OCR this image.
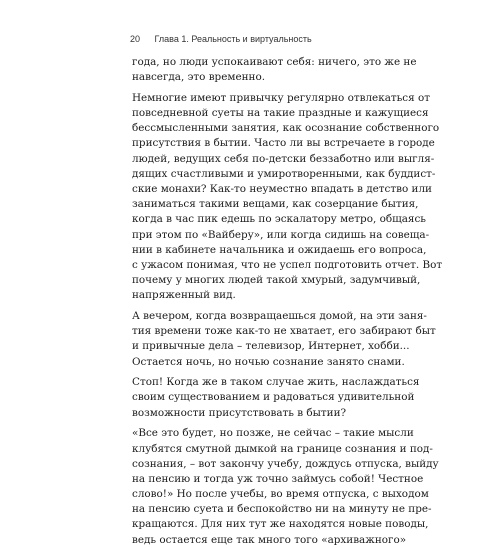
20 Глава 1. Реальность и виртуальность
года, но люди успокаивают себя: ничего, это же не
навсегда, это временно.
Немногие имеют привычку регулярно отвлекаться от
повседневной суеты на такие праздные и кажущиеся
бессмысленными занятия, как осознание собственного
присутствия в бытии. Часто ли вы встречаете в городе
людей, ведущих себя по-детски беззаботно или выгля-
дящих счастливыми и умиротворенными, как буддист-
ские монахи? Как-то неуместно впадать в детство или
заниматься такими вещами, как созерцание бытия,
когда в час пик едешь по эскалатору метро, общаясь
при этом по «Вайберу», или когда сидишь на совеща-
нии в кабинете начальника и ожидаешь его вопроса,
с ужасом понимая, что не успел подготовить отчет. Вот
почему у многих людей такой хмурый, задумчивый,
напряженный вид.
А вечером, когда возвращаешься домой, на эти заня-
тия времени тоже как-то не хватает, его забирают быт
и привычные дела – телевизор, Интернет, хобби...
Остается ночь, но ночью сознание занято снами.
Стоп! Когда же в таком случае жить, наслаждаться
своим существованием и радоваться удивительной
возможности присутствовать в бытии?
«Все это будет, но позже, не сейчас – такие мысли
клубятся смутной дымкой на границе сознания и под-
сознания, – вот закончу учебу, дождусь отпуска, выйду
на пенсию и тогда уж точно займусь собой! Честное
слово!» Но после учебы, во время отпуска, с выходом
на пенсию суета и беспокойство ни на минуту не пре-
кращаются. Для них тут же находятся новые поводы,
ведь остается еще так много того «архиважного»
